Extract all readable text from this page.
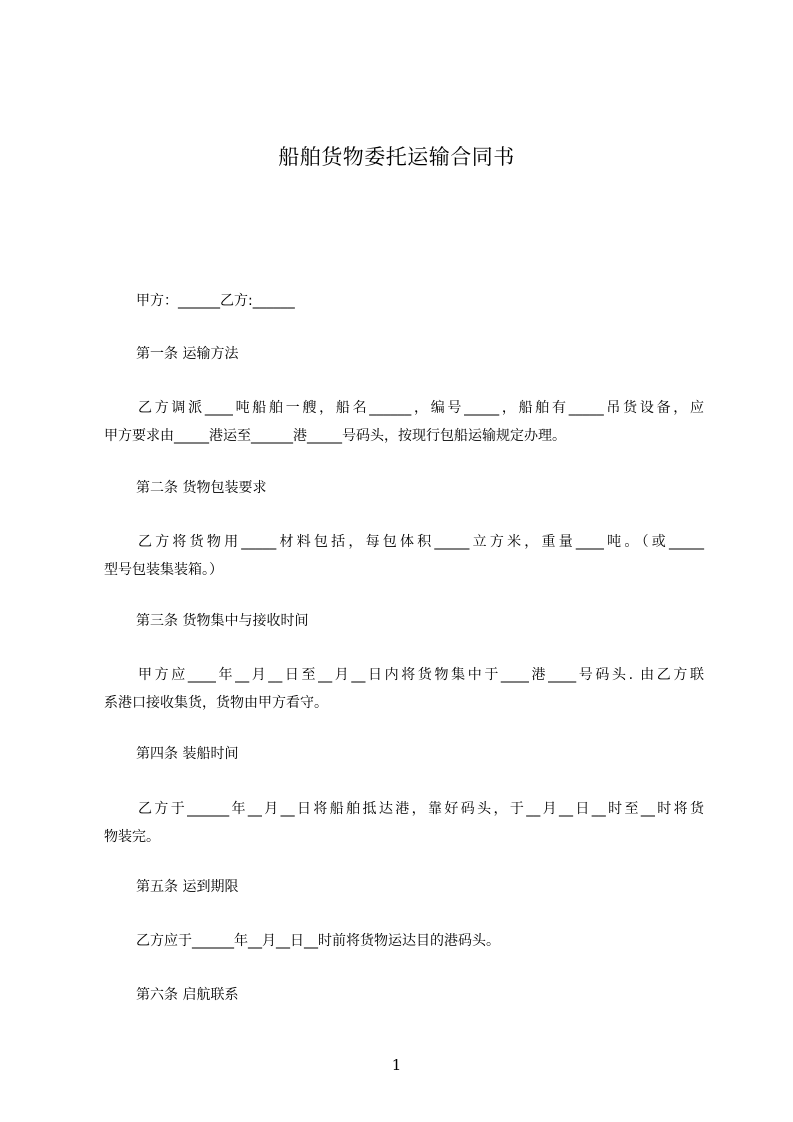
船舶货物委托运输合同书
甲方：______乙方:______
第一条 运输方法
乙方调派____吨船舶一艘，船名______，编号_____，船舶有_____吊货设备，应
甲方要求由_____港运至______港_____号码头，按现行包船运输规定办理。
第二条 货物包装要求
乙方将货物用_____材料包括，每包体积_____立方米，重量____吨。（或_____
型号包装集装箱。）
第三条 货物集中与接收时间
甲方应____年__月__日至__月__日内将货物集中于____港____号码头. 由乙方联
系港口接收集货，货物由甲方看守。
第四条 装船时间
乙方于______年__月__日将船舶抵达港，靠好码头，于__月__日__时至__时将货
物装完。
第五条 运到期限
乙方应于______年__月__日__时前将货物运达目的港码头。
第六条 启航联系
1
